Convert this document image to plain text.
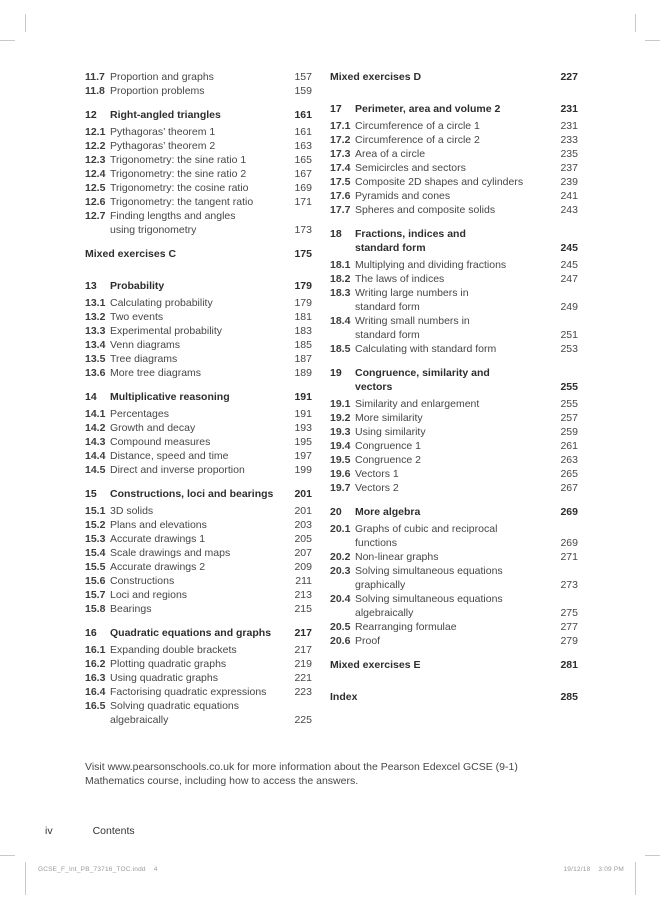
11.7 Proportion and graphs	157
11.8 Proportion problems	159
12	Right-angled triangles	161
12.1 Pythagoras’ theorem 1	161
12.2 Pythagoras’ theorem 2	163
12.3 Trigonometry: the sine ratio 1	165
12.4 Trigonometry: the sine ratio 2	167
12.5 Trigonometry: the cosine ratio	169
12.6 Trigonometry: the tangent ratio	171
12.7 Finding lengths and angles
using trigonometry	173
Mixed exercises C	175
13	Probability	179
13.1 Calculating probability	179
13.2 Two events	181
13.3 Experimental probability	183
13.4 Venn diagrams	185
13.5 Tree diagrams	187
13.6 More tree diagrams	189
14	Multiplicative reasoning	191
14.1 Percentages	191
14.2 Growth and decay	193
14.3 Compound measures	195
14.4 Distance, speed and time	197
14.5 Direct and inverse proportion	199
15	Constructions, loci and bearings	201
15.1 3D solids	201
15.2 Plans and elevations	203
15.3 Accurate drawings 1	205
15.4 Scale drawings and maps	207
15.5 Accurate drawings 2	209
15.6 Constructions	211
15.7 Loci and regions	213
15.8 Bearings	215
16	Quadratic equations and graphs	217
16.1 Expanding double brackets	217
16.2 Plotting quadratic graphs	219
16.3 Using quadratic graphs	221
16.4 Factorising quadratic expressions	223
16.5 Solving quadratic equations
algebraically	225
Mixed exercises D	227
17	Perimeter, area and volume 2	231
17.1 Circumference of a circle 1	231
17.2 Circumference of a circle 2	233
17.3 Area of a circle	235
17.4 Semicircles and sectors	237
17.5 Composite 2D shapes and cylinders	239
17.6 Pyramids and cones	241
17.7 Spheres and composite solids	243
18	Fractions, indices and
standard form	245
18.1 Multiplying and dividing fractions	245
18.2 The laws of indices	247
18.3 Writing large numbers in
standard form	249
18.4 Writing small numbers in
standard form	251
18.5 Calculating with standard form	253
19	Congruence, similarity and
vectors	255
19.1 Similarity and enlargement	255
19.2 More similarity	257
19.3 Using similarity	259
19.4 Congruence 1	261
19.5 Congruence 2	263
19.6 Vectors 1	265
19.7 Vectors 2	267
20	More algebra	269
20.1 Graphs of cubic and reciprocal
functions	269
20.2 Non-linear graphs	271
20.3 Solving simultaneous equations
graphically	273
20.4 Solving simultaneous equations
algebraically	275
20.5 Rearranging formulae	277
20.6 Proof	279
Mixed exercises E	281
Index	285
Visit www.pearsonschools.co.uk for more information about the Pearson Edexcel GCSE (9-1)
Mathematics course, including how to access the answers.
iv	Contents
GCSE_F_Int_PB_73716_TOC.indd 4	19/12/18 3:09 PM
